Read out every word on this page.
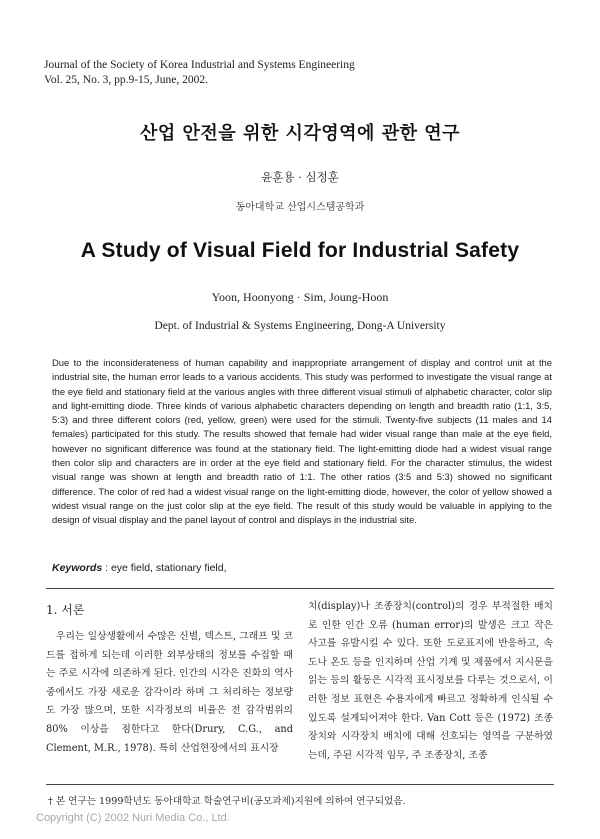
Journal of the Society of Korea Industrial and Systems Engineering
Vol. 25, No. 3, pp.9-15, June, 2002.
산업 안전을 위한 시각영역에 관한 연구
윤훈용 · 심정훈
동아대학교 산업시스템공학과
A Study of Visual Field for Industrial Safety
Yoon, Hoonyong · Sim, Joung-Hoon
Dept. of Industrial & Systems Engineering, Dong-A University
Due to the inconsiderateness of human capability and inappropriate arrangement of display and control unit at the industrial site, the human error leads to a various accidents. This study was performed to investigate the visual range at the eye field and stationary field at the various angles with three different visual stimuli of alphabetic character, color slip and light-emitting diode. Three kinds of various alphabetic characters depending on length and breadth ratio (1:1, 3:5, 5:3) and three different colors (red, yellow, green) were used for the stimuli. Twenty-five subjects (11 males and 14 females) participated for this study. The results showed that female had wider visual range than male at the eye field, however no significant difference was found at the stationary field. The light-emitting diode had a widest visual range then color slip and characters are in order at the eye field and stationary field. For the character stimulus, the widest visual range was shown at length and breadth ratio of 1:1. The other ratios (3:5 and 5:3) showed no significant difference. The color of red had a widest visual range on the light-emitting diode, however, the color of yellow showed a widest visual range on the just color slip at the eye field. The result of this study would be valuable in applying to the design of visual display and the panel layout of control and displays in the industrial site.
Keywords : eye field, stationary field,
1. 서론
우리는 일상생활에서 수많은 신별, 텍스트, 그래프 및 코드를 접하게 되는데 이러한 외부상태의 정보를 수집할 때는 주로 시각에 의존하게 된다. 인간의 시각은 진화의 역사 중에서도 가장 새로운 감각이라 하며 그 처리하는 정보량도 가장 많으며, 또한 시각정보의 비율은 전 감각범위의 80% 이상을 점한다고 한다(Drury, C.G., and Clement, M.R., 1978). 특히 산업현장에서의 표시장
치(display)나 조종장치(control)의 경우 부적절한 배치로 인한 인간 오류 (human error)의 발생은 크고 작은 사고를 유발시킬 수 있다. 또한 도로표지에 반응하고, 속도나 온도 등을 인지하며 산업 기계 및 제품에서 지시문을 읽는 등의 활동은 시각적 표시정보를 다루는 것으로서, 이러한 정보 표현은 수용자에게 빠르고 정확하게 인식될 수 있도록 설계되어져야 한다. Van Cott 등은 (1972) 조종장치와 시각장치 배치에 대해 선호되는 영역을 구분하였는데, 주된 시각적 임무, 주 조종장치, 조종
† 본 연구는 1999학년도 동아대학교 학술연구비(공모과제)지원에 의하여 연구되었음.
Copyright (C) 2002 Nuri Media Co., Ltd.
